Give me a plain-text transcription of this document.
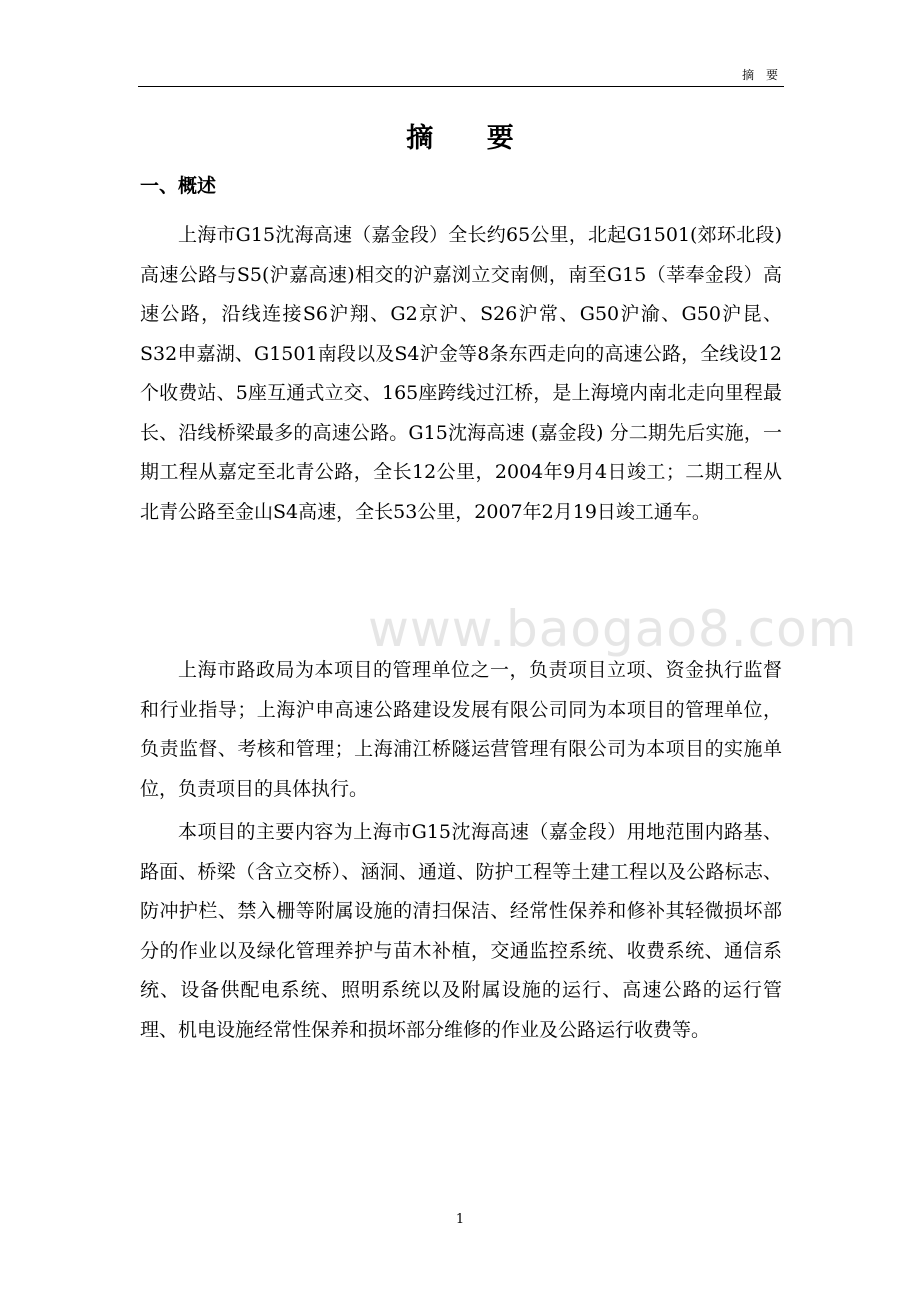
摘 要
www.baogao8.com
摘 要
一、概述

上海市G15沈海高速（嘉金段）全长约65公里，北起G1501(郊环北段)高速公路与S5(沪嘉高速)相交的沪嘉浏立交南侧，南至G15（莘奉金段）高速公路，沿线连接S6沪翔、G2京沪、S26沪常、G50沪渝、G50沪昆、S32申嘉湖、G1501南段以及S4沪金等8条东西走向的高速公路，全线设12个收费站、5座互通式立交、165座跨线过江桥，是上海境内南北走向里程最长、沿线桥梁最多的高速公路。G15沈海高速 (嘉金段) 分二期先后实施，一期工程从嘉定至北青公路，全长12公里，2004年9月4日竣工；二期工程从北青公路至金山S4高速，全长53公里，2007年2月19日竣工通车。

上海市路政局为本项目的管理单位之一，负责项目立项、资金执行监督和行业指导；上海沪申高速公路建设发展有限公司同为本项目的管理单位，负责监督、考核和管理；上海浦江桥隧运营管理有限公司为本项目的实施单位，负责项目的具体执行。

本项目的主要内容为上海市G15沈海高速（嘉金段）用地范围内路基、路面、桥梁（含立交桥）、涵洞、通道、防护工程等土建工程以及公路标志、防冲护栏、禁入栅等附属设施的清扫保洁、经常性保养和修补其轻微损坏部分的作业以及绿化管理养护与苗木补植，交通监控系统、收费系统、通信系统、设备供配电系统、照明系统以及附属设施的运行、高速公路的运行管理、机电设施经常性保养和损坏部分维修的作业及公路运行收费等。

1
